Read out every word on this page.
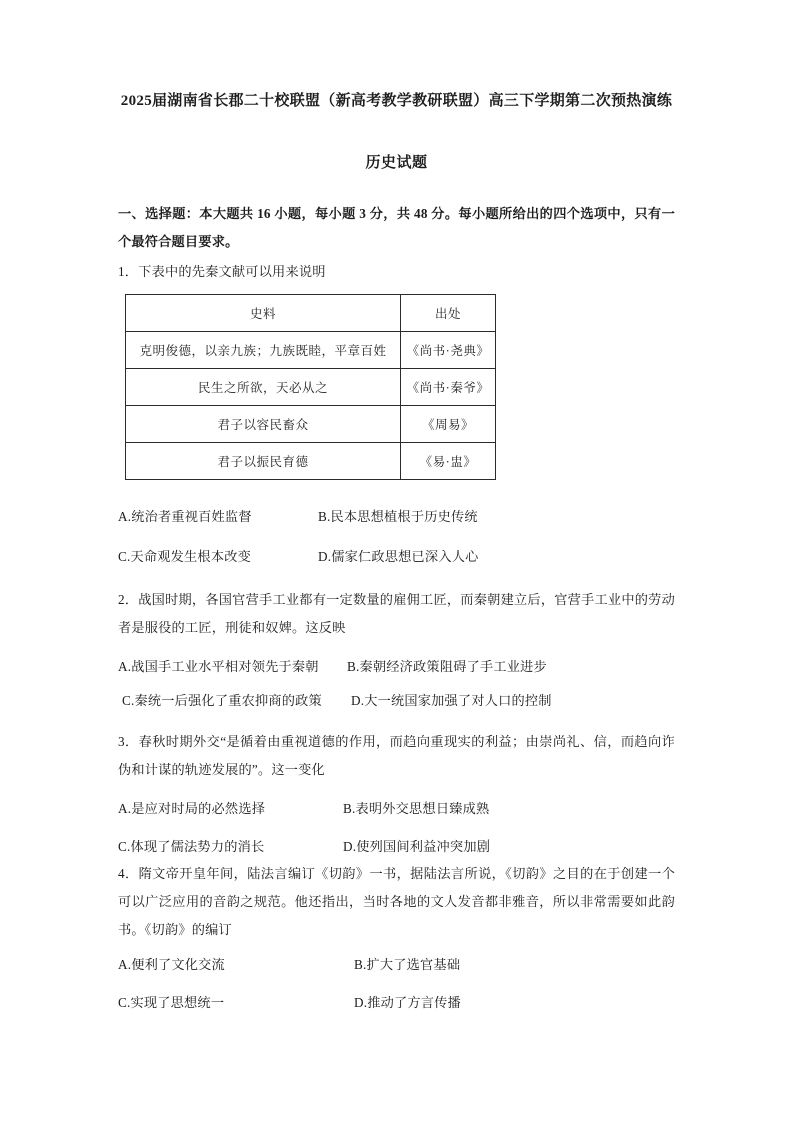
2025届湖南省长郡二十校联盟（新高考教学教研联盟）高三下学期第二次预热演练
历史试题
一、选择题：本大题共 16 小题，每小题 3 分，共 48 分。每小题所给出的四个选项中，只有一个最符合题目要求。
1．下表中的先秦文献可以用来说明
史料	出处
克明俊德，以亲九族；九族既睦，平章百姓	《尚书·尧典》
民生之所欲，天必从之	《尚书·秦爷》
君子以容民畜众	《周易》
君子以振民育德	《易·盅》
A.统治者重视百姓监督	B.民本思想植根于历史传统
C.天命观发生根本改变	D.儒家仁政思想已深入人心
2．战国时期，各国官营手工业都有一定数量的雇佣工匠，而秦朝建立后，官营手工业中的劳动者是服役的工匠，刑徒和奴婢。这反映
A.战国手工业水平相对领先于秦朝	B.秦朝经济政策阻碍了手工业进步
C.秦统一后强化了重农抑商的政策	D.大一统国家加强了对人口的控制
3．春秋时期外交“是循着由重视道德的作用，而趋向重现实的利益；由崇尚礼、信，而趋向诈伪和计谋的轨迹发展的”。这一变化
A.是应对时局的必然选择	B.表明外交思想日臻成熟
C.体现了儒法势力的消长	D.使列国间利益冲突加剧
4．隋文帝开皇年间，陆法言编订《切韵》一书，据陆法言所说，《切韵》之目的在于创建一个可以广泛应用的音韵之规范。他还指出，当时各地的文人发音都非雅音，所以非常需要如此韵书。《切韵》的编订
A.便利了文化交流	B.扩大了选官基础
C.实现了思想统一	D.推动了方言传播
